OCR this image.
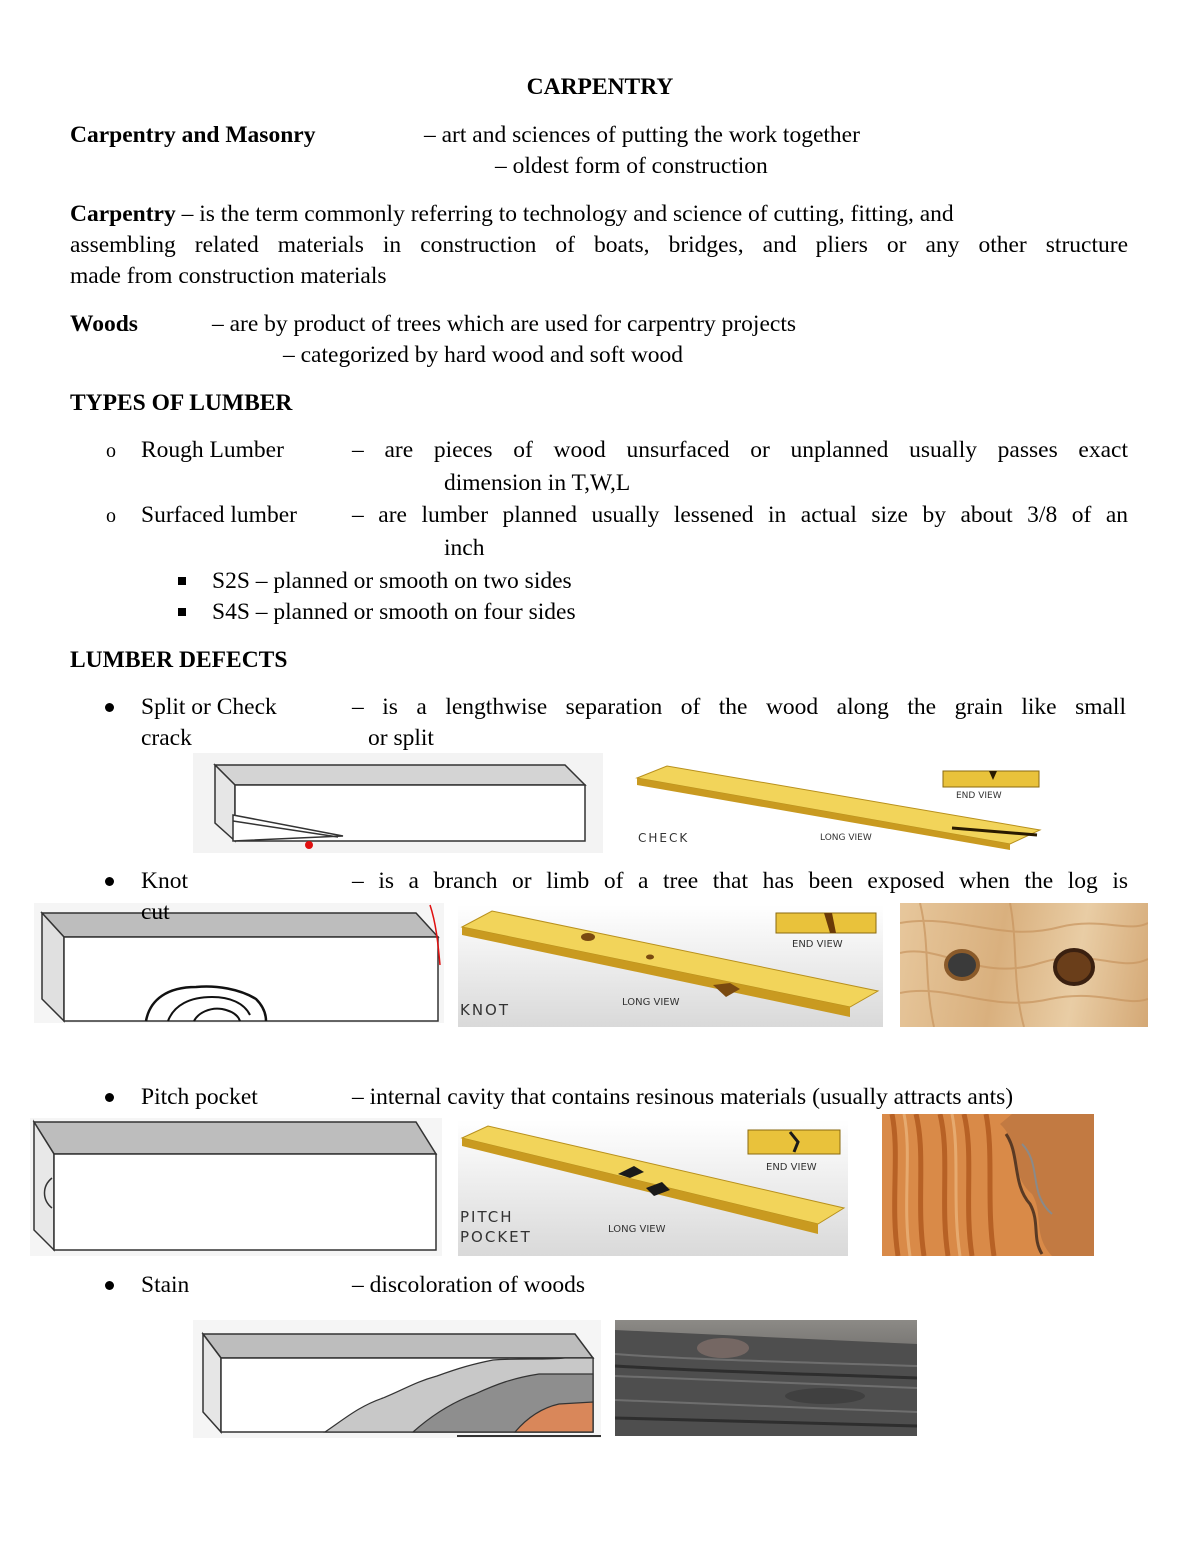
CARPENTRY
Carpentry and Masonry	– art and sciences of putting the work together
– oldest form of construction
Carpentry – is the term commonly referring to technology and science of cutting, fitting, and
assembling related materials in construction of boats, bridges, and pliers or any other structure
made from construction materials
Woods	– are by product of trees which are used for carpentry projects
– categorized by hard wood and soft wood
TYPES OF LUMBER
o Rough Lumber	– are pieces of wood unsurfaced or unplanned usually passes exact
dimension in T,W,L
o Surfaced lumber – are lumber planned usually lessened in actual size by about 3/8 of an
inch
S2S – planned or smooth on two sides
S4S – planned or smooth on four sides
LUMBER DEFECTS
Split or Check
crack
– is a lengthwise separation of the wood along the grain like small
or split
END VIEW
LONG VIEW
CHECK
Knot	– is a branch or limb of a tree that has been exposed when the log is
cut
END VIEW
LONG VIEW
KNOT
Pitch pocket	– internal cavity that contains resinous materials (usually attracts ants)
END VIEW
LONG VIEW
PITCH
POCKET
Stain	– discoloration of woods
